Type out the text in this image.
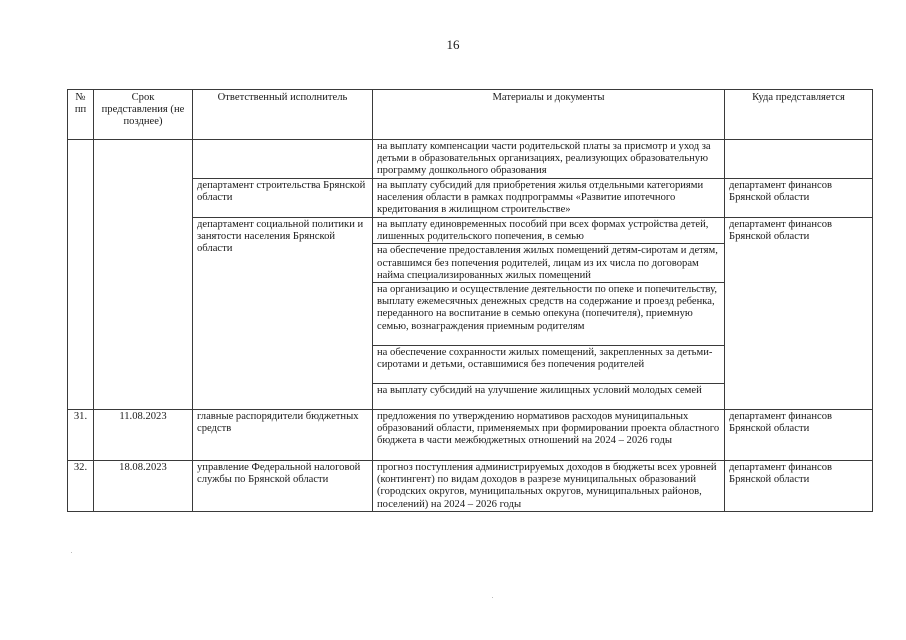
16
№ пп	Срок представления (не позднее)	Ответственный исполнитель	Материалы и документы	Куда представляется
			на выплату компенсации части родительской платы за присмотр и уход за детьми в образовательных организациях, реализующих образовательную программу дошкольного образования	
		департамент строительства Брянской области	на выплату субсидий для приобретения жилья отдельными категориями населения области в рамках подпрограммы «Развитие ипотечного кредитования в жилищном строительстве»	департамент финансов Брянской области
		департамент социальной политики и занятости населения Брянской области	на выплату единовременных пособий при всех формах устройства детей, лишенных родительского попечения, в семью	департамент финансов Брянской области
			на обеспечение предоставления жилых помещений детям-сиротам и детям, оставшимся без попечения родителей, лицам из их числа по договорам найма специализированных жилых помещений	
			на организацию и осуществление деятельности по опеке и попечительству, выплату ежемесячных денежных средств на содержание и проезд ребенка, переданного на воспитание в семью опекуна (попечителя), приемную семью, вознаграждения приемным родителям	
			на обеспечение сохранности жилых помещений, закрепленных за детьми-сиротами и детьми, оставшимися без попечения родителей	
			на выплату субсидий на улучшение жилищных условий молодых семей	
31.	11.08.2023	главные распорядители бюджетных средств	предложения по утверждению нормативов расходов муниципальных образований области, применяемых при формировании проекта областного бюджета в части межбюджетных отношений на 2024 – 2026 годы	департамент финансов Брянской области
32.	18.08.2023	управление Федеральной налоговой службы по Брянской области	прогноз поступления администрируемых доходов в бюджеты всех уровней (контингент) по видам доходов в разрезе муниципальных образований (городских округов, муниципальных округов, муниципальных районов, поселений) на 2024 – 2026 годы	департамент финансов Брянской области
